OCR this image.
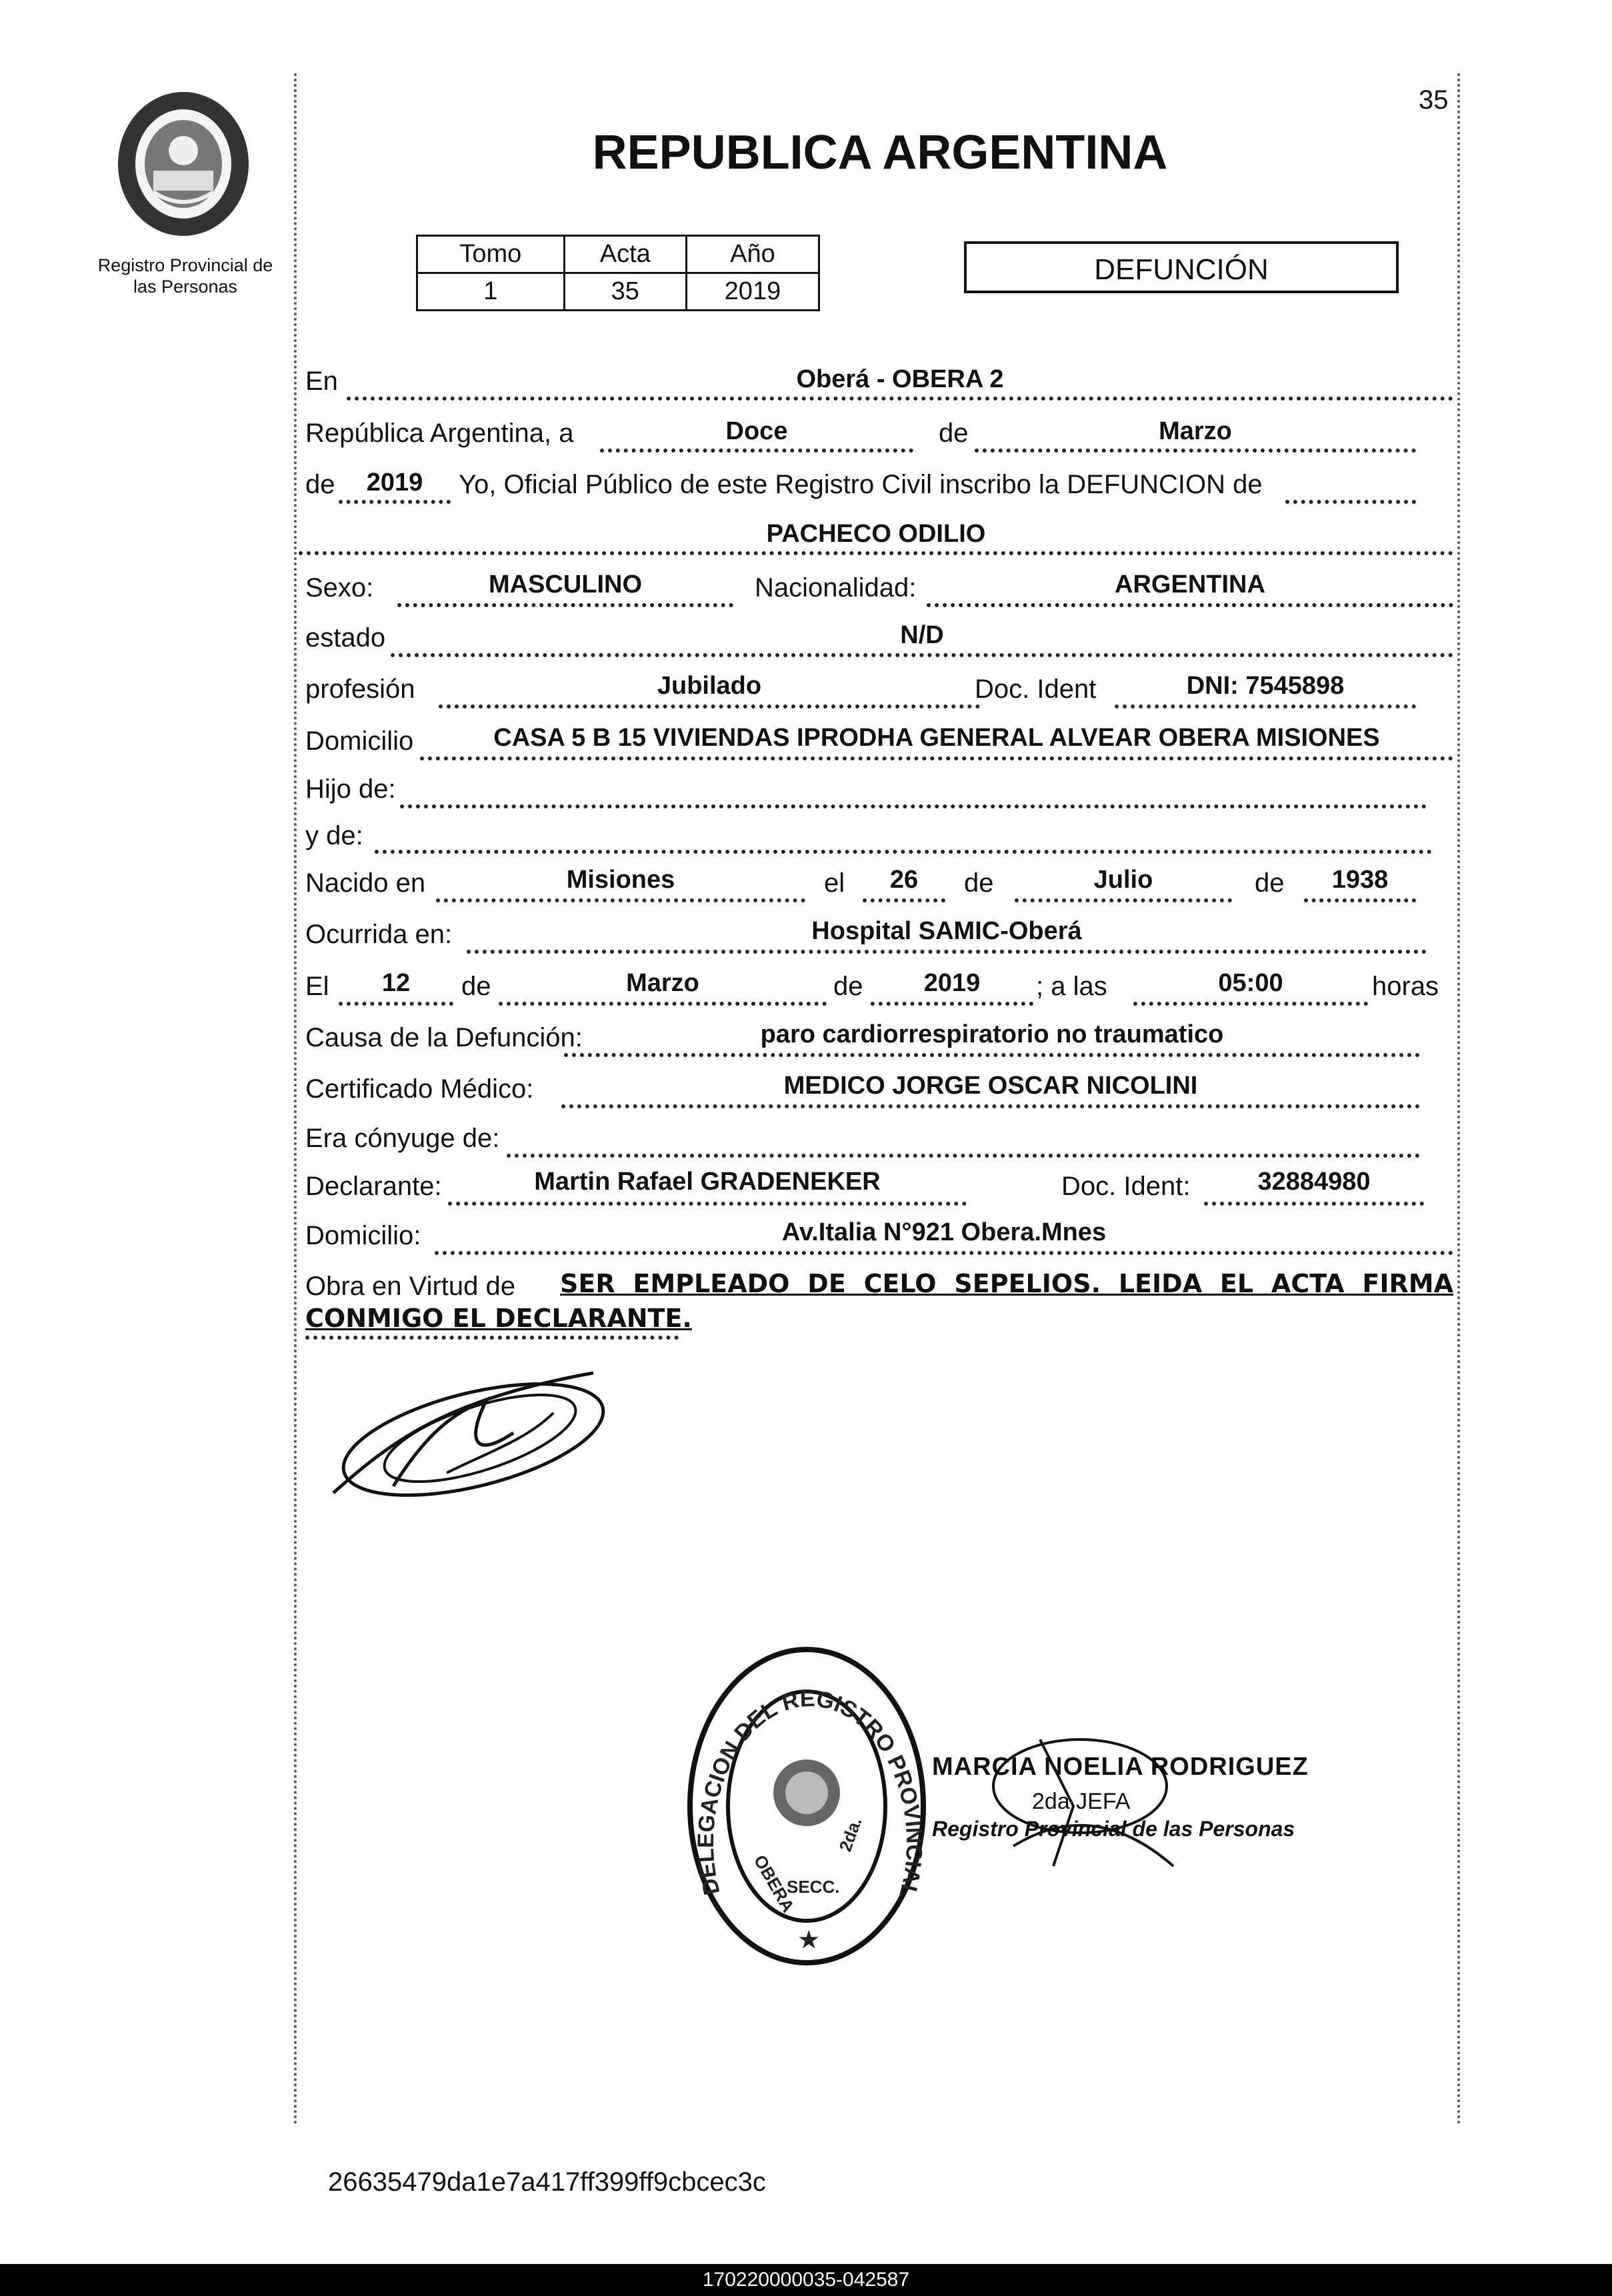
35
Registro Provincial de
las Personas
REPUBLICA ARGENTINA
Tomo	Acta	Año
1	35	2019
DEFUNCIÓN
En	Oberá - OBERA 2
República Argentina, a	Doce	de	Marzo
de	2019	Yo, Oficial Público de este Registro Civil inscribo la DEFUNCION de
PACHECO ODILIO
Sexo:	MASCULINO	Nacionalidad:	ARGENTINA
estado	N/D
profesión	Jubilado	Doc. Ident	DNI: 7545898
Domicilio	CASA 5 B 15 VIVIENDAS IPRODHA GENERAL ALVEAR OBERA MISIONES
Hijo de:
y de:
Nacido en	Misiones	el	26	de	Julio	de	1938
Ocurrida en:	Hospital SAMIC-Oberá
El	12	de	Marzo	de	2019	; a las	05:00	horas
Causa de la Defunción:	paro cardiorrespiratorio no traumatico
Certificado Médico:	MEDICO JORGE OSCAR NICOLINI
Era cónyuge de:
Declarante:	Martin Rafael GRADENEKER	Doc. Ident:	32884980
Domicilio:	Av.Italia N°921 Obera.Mnes
Obra en Virtud de SER EMPLEADO DE CELO SEPELIOS. LEIDA EL ACTA FIRMA
CONMIGO EL DECLARANTE.
DELEGACION DEL REGISTRO PROVINCIAL
OBERA
SECC.
2da.
★
MARCIA NOELIA RODRIGUEZ
2da JEFA
Registro Provincial de las Personas
26635479da1e7a417ff399ff9cbcec3c
170220000035-042587
